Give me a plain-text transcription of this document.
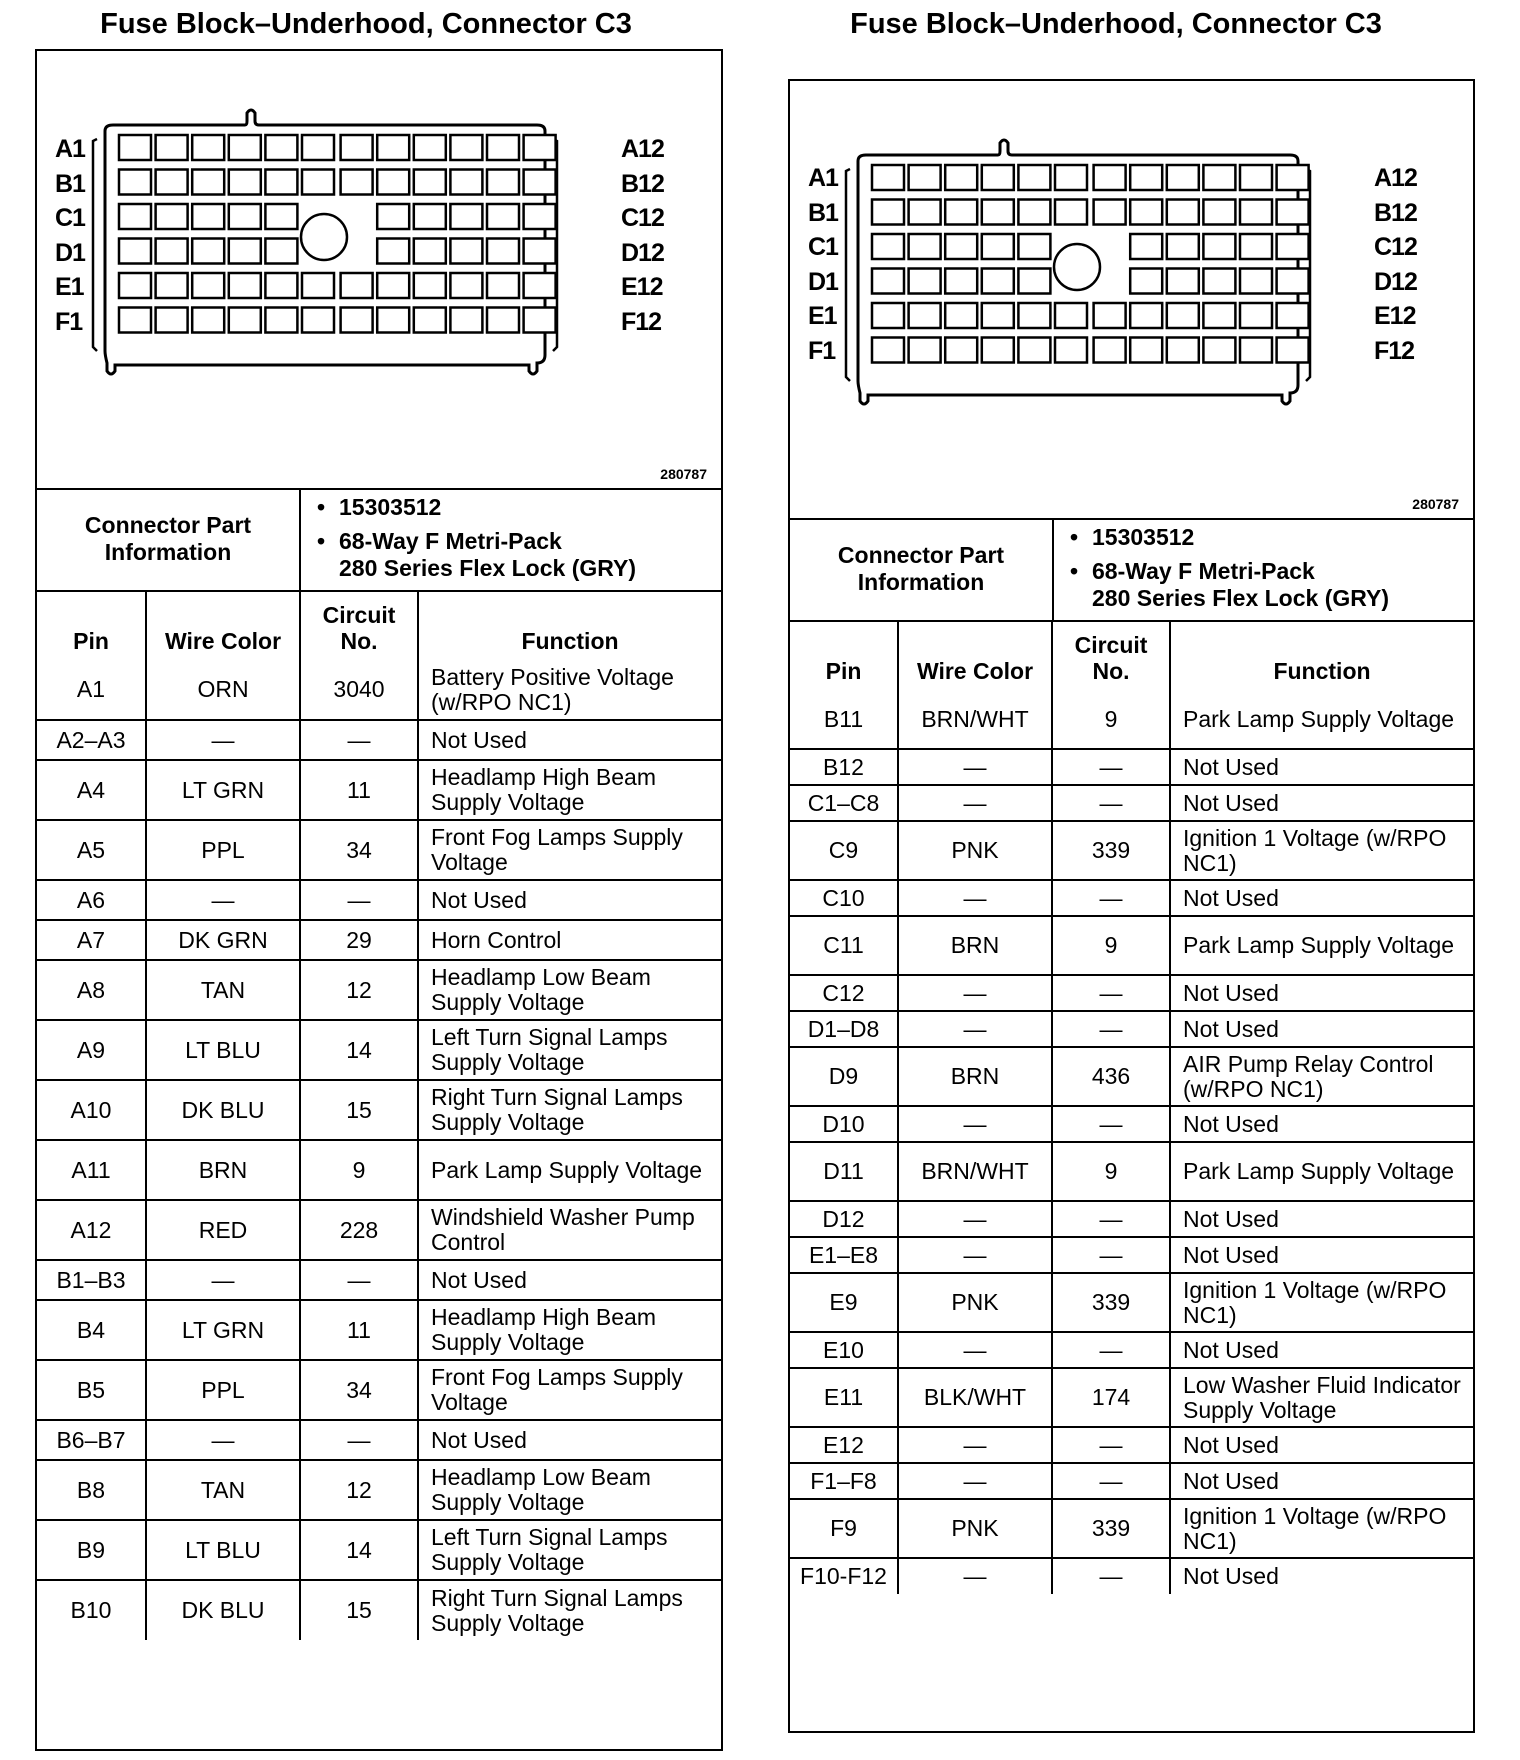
Fuse Block–Underhood, Connector C3
280787
A1
B1
C1
D1
E1
F1
A12
B12
C12
D12
E12
F12
Connector Part Information
• 15303512
• 68-Way F Metri-Pack
280 Series Flex Lock (GRY)
Pin	Wire Color	Circuit No.	Function
A1	ORN	3040	Battery Positive Voltage (w/RPO NC1)
A2–A3	—	—	Not Used
A4	LT GRN	11	Headlamp High Beam Supply Voltage
A5	PPL	34	Front Fog Lamps Supply Voltage
A6	—	—	Not Used
A7	DK GRN	29	Horn Control
A8	TAN	12	Headlamp Low Beam Supply Voltage
A9	LT BLU	14	Left Turn Signal Lamps Supply Voltage
A10	DK BLU	15	Right Turn Signal Lamps Supply Voltage
A11	BRN	9	Park Lamp Supply Voltage
A12	RED	228	Windshield Washer Pump Control
B1–B3	—	—	Not Used
B4	LT GRN	11	Headlamp High Beam Supply Voltage
B5	PPL	34	Front Fog Lamps Supply Voltage
B6–B7	—	—	Not Used
B8	TAN	12	Headlamp Low Beam Supply Voltage
B9	LT BLU	14	Left Turn Signal Lamps Supply Voltage
B10	DK BLU	15	Right Turn Signal Lamps Supply Voltage
Fuse Block–Underhood, Connector C3
280787
A1
B1
C1
D1
E1
F1
A12
B12
C12
D12
E12
F12
Connector Part Information
• 15303512
• 68-Way F Metri-Pack
280 Series Flex Lock (GRY)
Pin	Wire Color	Circuit No.	Function
B11	BRN/WHT	9	Park Lamp Supply Voltage
B12	—	—	Not Used
C1–C8	—	—	Not Used
C9	PNK	339	Ignition 1 Voltage (w/RPO NC1)
C10	—	—	Not Used
C11	BRN	9	Park Lamp Supply Voltage
C12	—	—	Not Used
D1–D8	—	—	Not Used
D9	BRN	436	AIR Pump Relay Control (w/RPO NC1)
D10	—	—	Not Used
D11	BRN/WHT	9	Park Lamp Supply Voltage
D12	—	—	Not Used
E1–E8	—	—	Not Used
E9	PNK	339	Ignition 1 Voltage (w/RPO NC1)
E10	—	—	Not Used
E11	BLK/WHT	174	Low Washer Fluid Indicator Supply Voltage
E12	—	—	Not Used
F1–F8	—	—	Not Used
F9	PNK	339	Ignition 1 Voltage (w/RPO NC1)
F10-F12	—	—	Not Used
